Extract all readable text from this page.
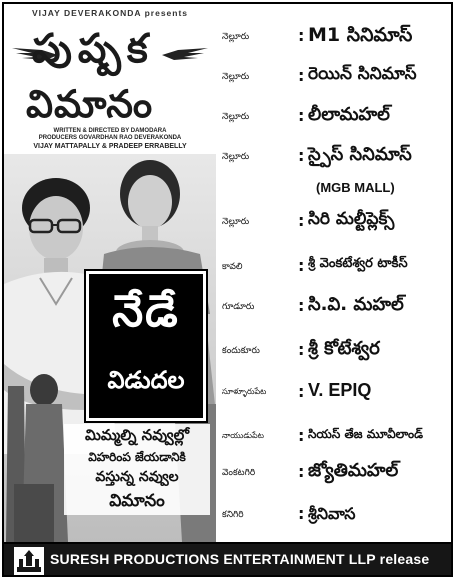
VIJAY DEVERAKONDA presents
పుష్పక
విమానం
WRITTEN & DIRECTED BY DAMODARA
PRODUCERS GOVARDHAN RAO DEVERAKONDA
VIJAY MATTAPALLY & PRADEEP ERRABELLY
నేడే
విడుదల
మిమ్మల్ని నవ్వుల్లో
విహరింప జేయడానికి
వస్తున్న నవ్వుల
విమానం
నెల్లూరు	: M1 సినిమాస్
నెల్లూరు	: రెయిన్ సినిమాస్
నెల్లూరు	: లీలామహల్
నెల్లూరు	: స్పైస్ సినిమాస్
(MGB MALL)
నెల్లూరు	: సిరి మల్టీప్లెక్స్
కావలి	: శ్రీ వెంకటేశ్వర టాకీస్
గూడూరు	: సి.వి. మహల్
కందుకూరు : శ్రీ కోటేశ్వర
సూళ్ళూరుపేట : V. EPIQ
నాయుడుపేట : సియస్ తేజ మూవీలాండ్
వెంకటగిరి	: జ్యోతిమహల్
కనిగిరి	: శ్రీనివాస
SURESH PRODUCTIONS ENTERTAINMENT LLP release
